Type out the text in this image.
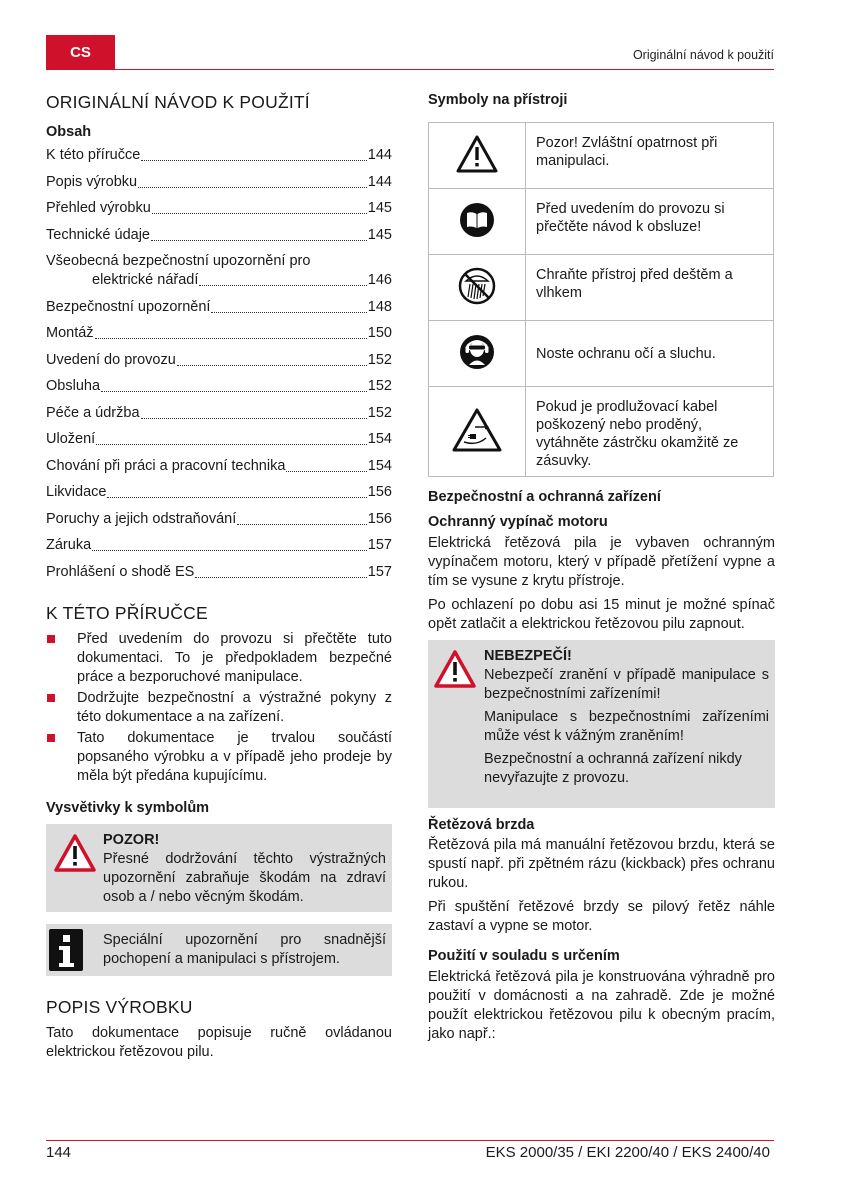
CS	Originální návod k použití
ORIGINÁLNÍ NÁVOD K POUŽITÍ
Obsah
K této příručce	144
Popis výrobku	144
Přehled výrobku	145
Technické údaje	145
Všeobecná bezpečnostní upozornění pro
elektrické nářadí	146
Bezpečnostní upozornění	148
Montáž	150
Uvedení do provozu	152
Obsluha	152
Péče a údržba	152
Uložení	154
Chování při práci a pracovní technika	154
Likvidace	156
Poruchy a jejich odstraňování	156
Záruka	157
Prohlášení o shodě ES	157
K TÉTO PŘÍRUČCE
Před uvedením do provozu si přečtěte tuto dokumentaci. To je předpokladem bezpečné práce a bezporuchové manipulace.
Dodržujte bezpečnostní a výstražné pokyny z této dokumentace a na zařízení.
Tato dokumentace je trvalou součástí popsaného výrobku a v případě jeho prodeje by měla být předána kupujícímu.
Vysvětivky k symbolům
POZOR!

Přesné dodržování těchto výstražných upozornění zabraňuje škodám na zdraví osob a / nebo věcným škodám.

Speciální upozornění pro snadnější pochopení a manipulaci s přístrojem.

POPIS VÝROBKU

Tato dokumentace popisuje ručně ovládanou elektrickou řetězovou pilu.

Symboly na přístroji
	Pozor! Zvláštní opatrnost při manipulaci.
	Před uvedením do provozu si přečtěte návod k obsluze!
	Chraňte přístroj před deštěm a vlhkem
	Noste ochranu očí a sluchu.
	Pokud je prodlužovací kabel poškozený nebo proděný, vytáhněte zástrčku okamžitě ze zásuvky.
Bezpečnostní a ochranná zařízení
Ochranný vypínač motoru

Elektrická řetězová pila je vybaven ochranným vypínačem motoru, který v případě přetížení vypne a tím se vysune z krytu přístroje.

Po ochlazení po dobu asi 15 minut je možné spínač opět zatlačit a elektrickou řetězovou pilu zapnout.

NEBEZPEČÍ!

Nebezpečí zranění v případě manipulace s bezpečnostními zařízeními!

Manipulace s bezpečnostními zařízeními může vést k vážným zraněním!

Bezpečnostní a ochranná zařízení nikdy nevyřazujte z provozu.

Řetězová brzda

Řetězová pila má manuální řetězovou brzdu, která se spustí např. při zpětném rázu (kickback) přes ochranu rukou.

Při spuštění řetězové brzdy se pilový řetěz náhle zastaví a vypne se motor.

Použití v souladu s určením

Elektrická řetězová pila je konstruována výhradně pro použití v domácnosti a na zahradě. Zde je možné použít elektrickou řetězovou pilu k obecným pracím, jako např.:

144	EKS 2000/35 / EKI 2200/40 / EKS 2400/40
